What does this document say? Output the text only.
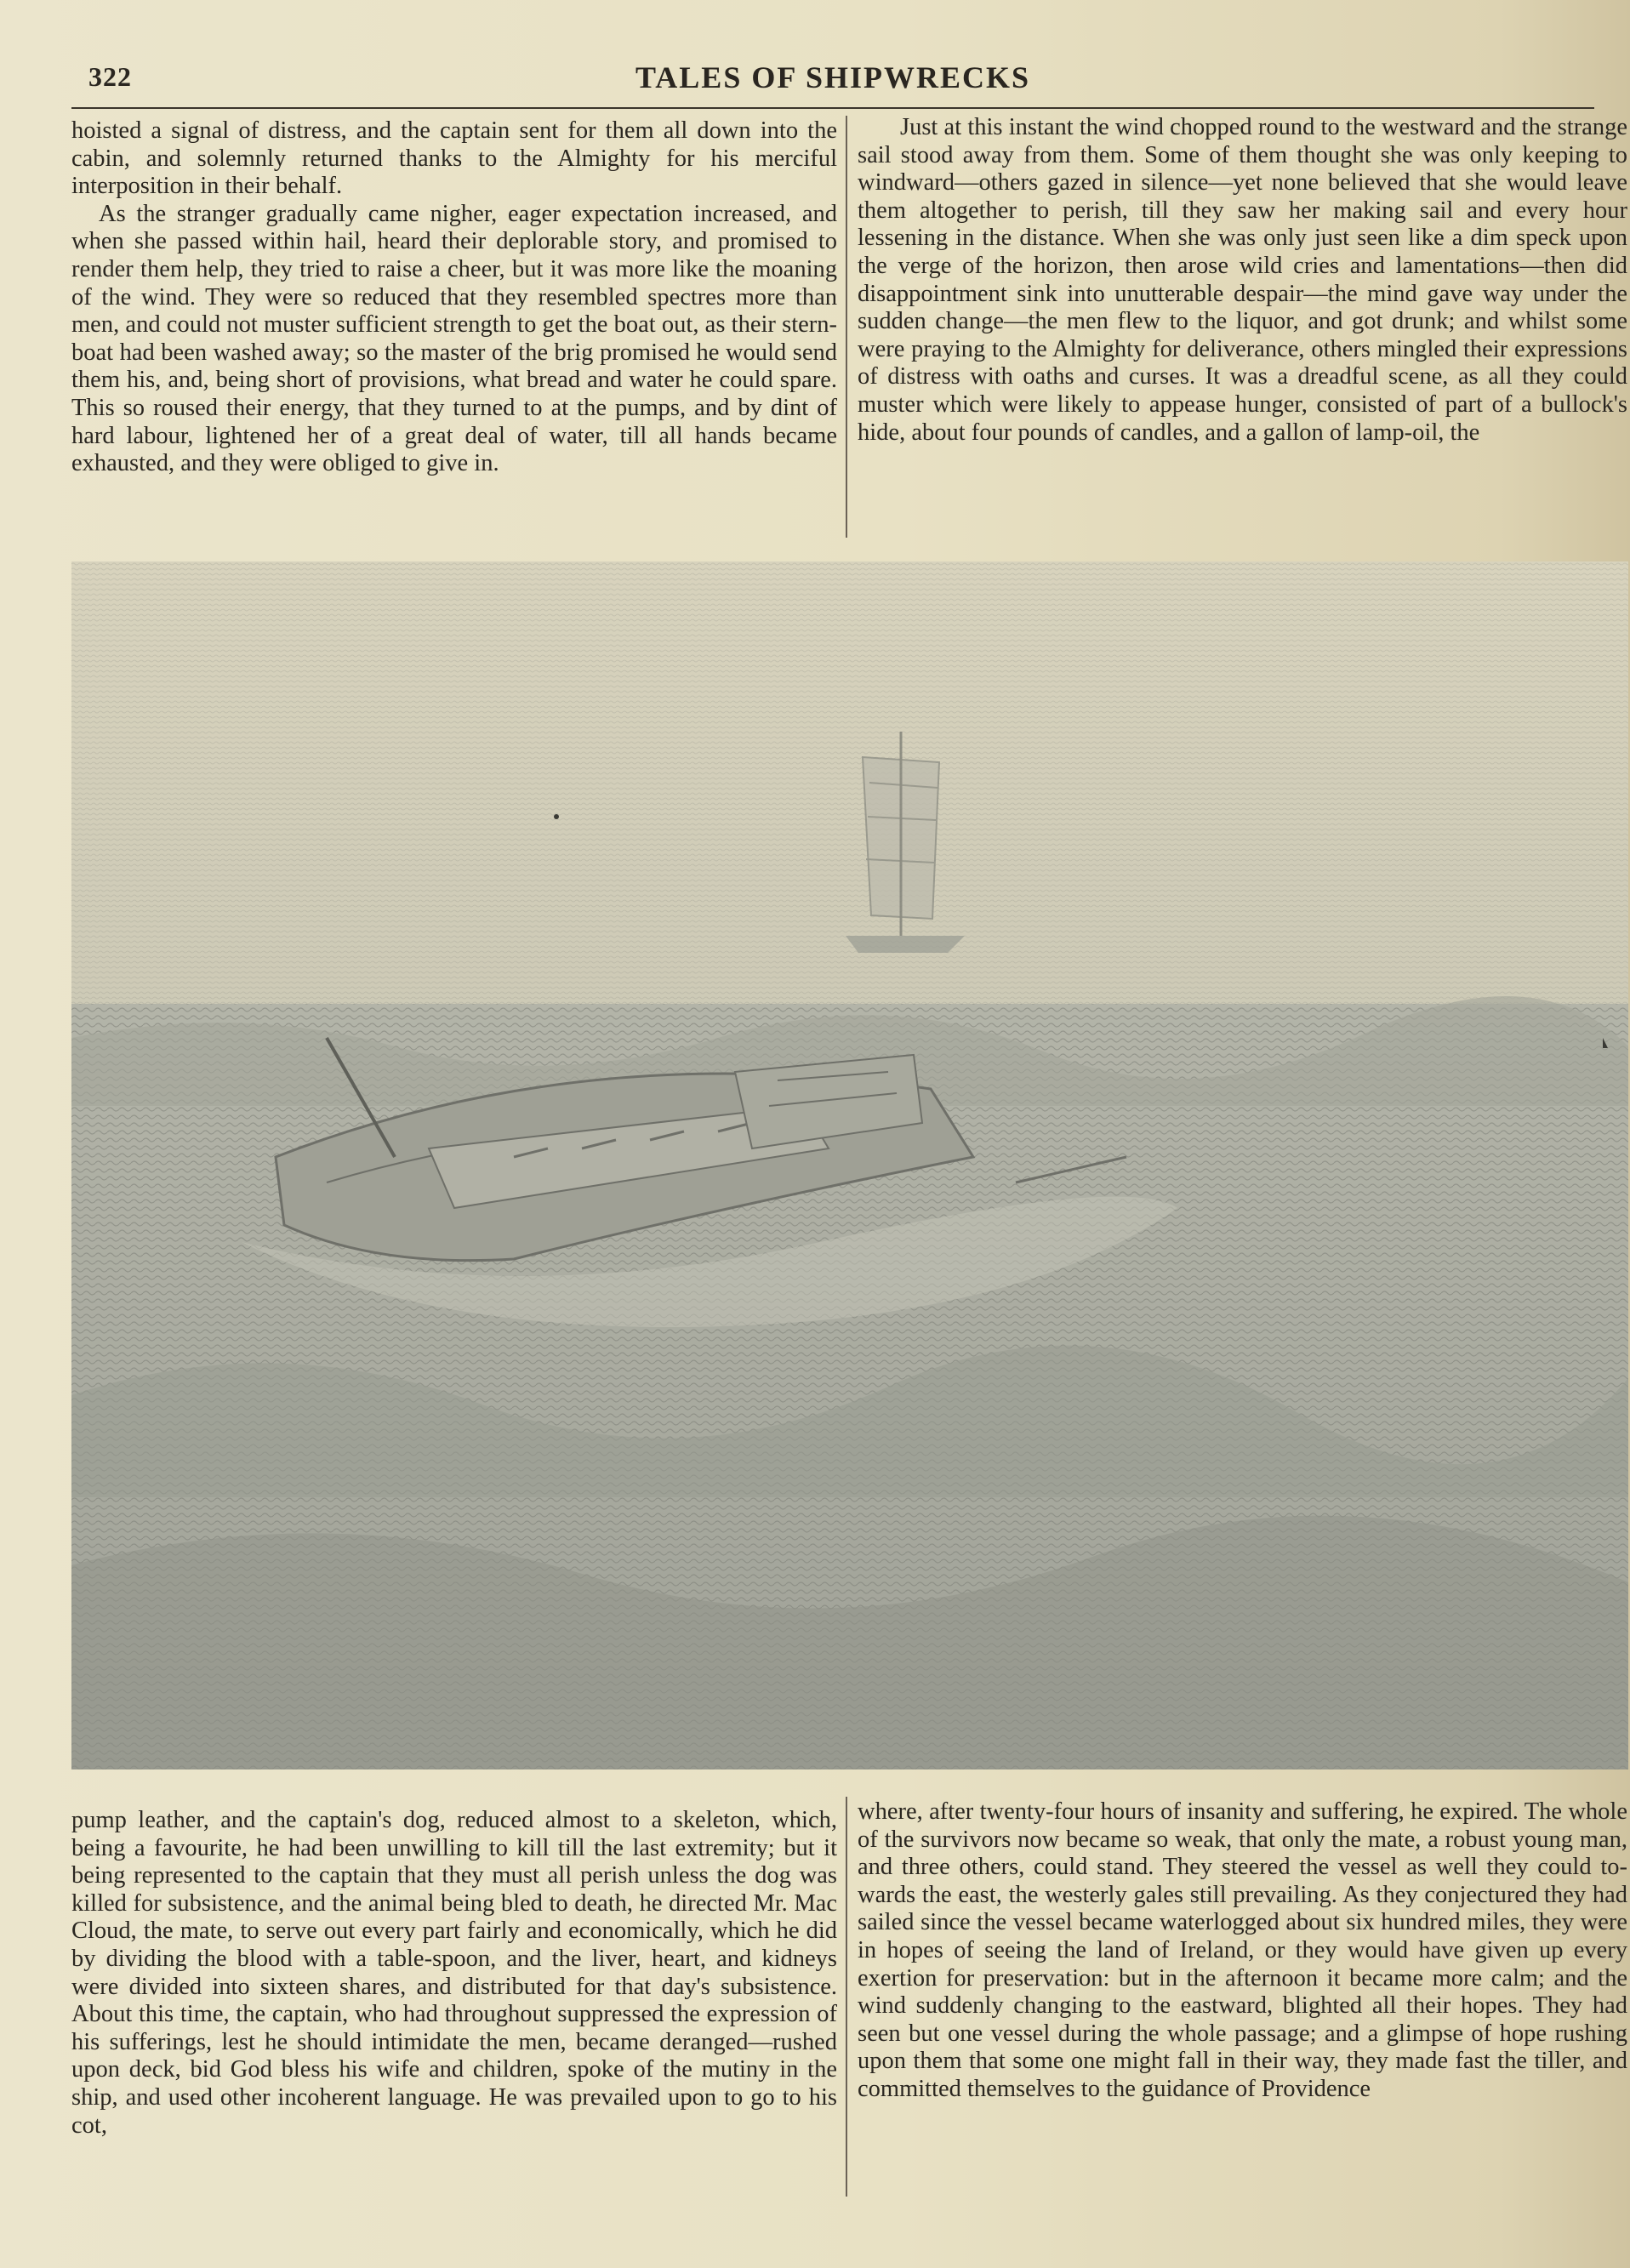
322	TALES OF SHIPWRECKS

hoisted a signal of distress, and the captain sent for them all down into the cabin, and solemnly returned thanks to the Almighty for his merciful interposition in their behalf.

As the stranger gradually came nigher, eager expectation increased, and when she passed within hail, heard their deplorable story, and promised to render them help, they tried to raise a cheer, but it was more like the moaning of the wind. They were so reduced that they resembled spectres more than men, and could not muster sufficient strength to get the boat out, as their stern-boat had been washed away; so the master of the brig promised he would send them his, and, being short of provisions, what bread and water he could spare. This so roused their energy, that they turned to at the pumps, and by dint of hard labour, lightened her of a great deal of water, till all hands became exhausted, and they were obliged to give in.

Just at this instant the wind chopped round to the westward and the strange sail stood away from them. Some of them thought she was only keeping to windward—others gazed in silence—yet none believed that she would leave them altogether to perish, till they saw her making sail and every hour lessening in the distance. When she was only just seen like a dim speck upon the verge of the horizon, then arose wild cries and lamentations—then did disappointment sink into unutterable despair—the mind gave way under the sudden change—the men flew to the liquor, and got drunk; and whilst some were praying to the Almighty for deliverance, others mingled their expressions of distress with oaths and curses. It was a dreadful scene, as all they could muster which were likely to appease hunger, consisted of part of a bullock's hide, about four pounds of candles, and a gallon of lamp-oil, the

pump leather, and the captain's dog, reduced almost to a skeleton, which, being a favourite, he had been unwilling to kill till the last extremity; but it being represented to the captain that they must all perish unless the dog was killed for subsistence, and the animal being bled to death, he directed Mr. Mac Cloud, the mate, to serve out every part fairly and economically, which he did by dividing the blood with a table-spoon, and the liver, heart, and kidneys were divided into sixteen shares, and distributed for that day's subsistence. About this time, the captain, who had throughout suppressed the expression of his sufferings, lest he should intimidate the men, became deranged—rushed upon deck, bid God bless his wife and children, spoke of the mutiny in the ship, and used other incoherent language. He was prevailed upon to go to his cot,

where, after twenty-four hours of insanity and suffering, he expired. The whole of the survivors now became so weak, that only the mate, a robust young man, and three others, could stand. They steered the vessel as well they could towards the east, the westerly gales still prevailing. As they conjectured they had sailed since the vessel became waterlogged about six hundred miles, they were in hopes of seeing the land of Ireland, or they would have given up every exertion for preservation: but in the afternoon it became more calm; and the wind suddenly changing to the eastward, blighted all their hopes. They had seen but one vessel during the whole passage; and a glimpse of hope rushing upon them that some one might fall in their way, they made fast the tiller, and committed themselves to the guidance of Providence
